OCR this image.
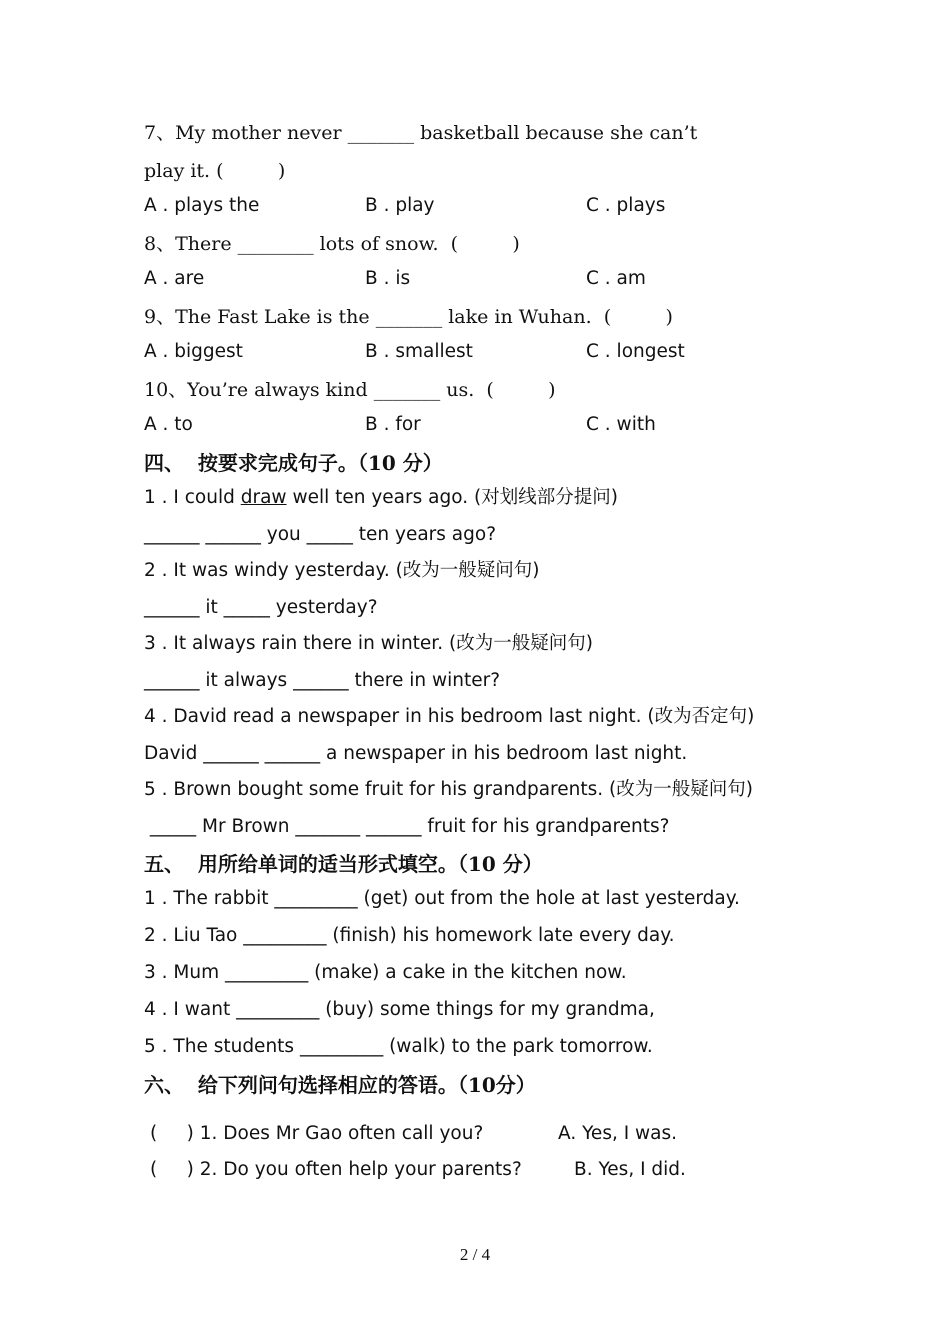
7、My mother never _______ basketball because she can’t
play it. (         )
A . plays the	B . play	C . plays
8、There ________ lots of snow.  (         )
A . are	B . is	C . am
9、The Fast Lake is the _______ lake in Wuhan.  (         )
A . biggest	B . smallest	C . longest
10、You’re always kind _______ us.  (         )
A . to	B . for	C . with
四、  按要求完成句子。（10 分）
1 . I could draw well ten years ago. (对划线部分提问)
______ ______ you _____ ten years ago?
2 . It was windy yesterday. (改为一般疑问句)
______ it _____ yesterday?
3 . It always rain there in winter. (改为一般疑问句)
______ it always ______ there in winter?
4 . David read a newspaper in his bedroom last night. (改为否定句)
David ______ ______ a newspaper in his bedroom last night.
5 . Brown bought some fruit for his grandparents. (改为一般疑问句)
_____ Mr Brown _______ ______ fruit for his grandparents?
五、  用所给单词的适当形式填空。（10 分）
1 . The rabbit _________ (get) out from the hole at last yesterday.
2 . Liu Tao _________ (finish) his homework late every day.
3 . Mum _________ (make) a cake in the kitchen now.
4 . I want _________ (buy) some things for my grandma,
5 . The students _________ (walk) to the park tomorrow.
六、  给下列问句选择相应的答语。（10分）
(     ) 1. Does Mr Gao often call you?	A. Yes, I was.
(     ) 2. Do you often help your parents?	B. Yes, I did.
2 / 4
